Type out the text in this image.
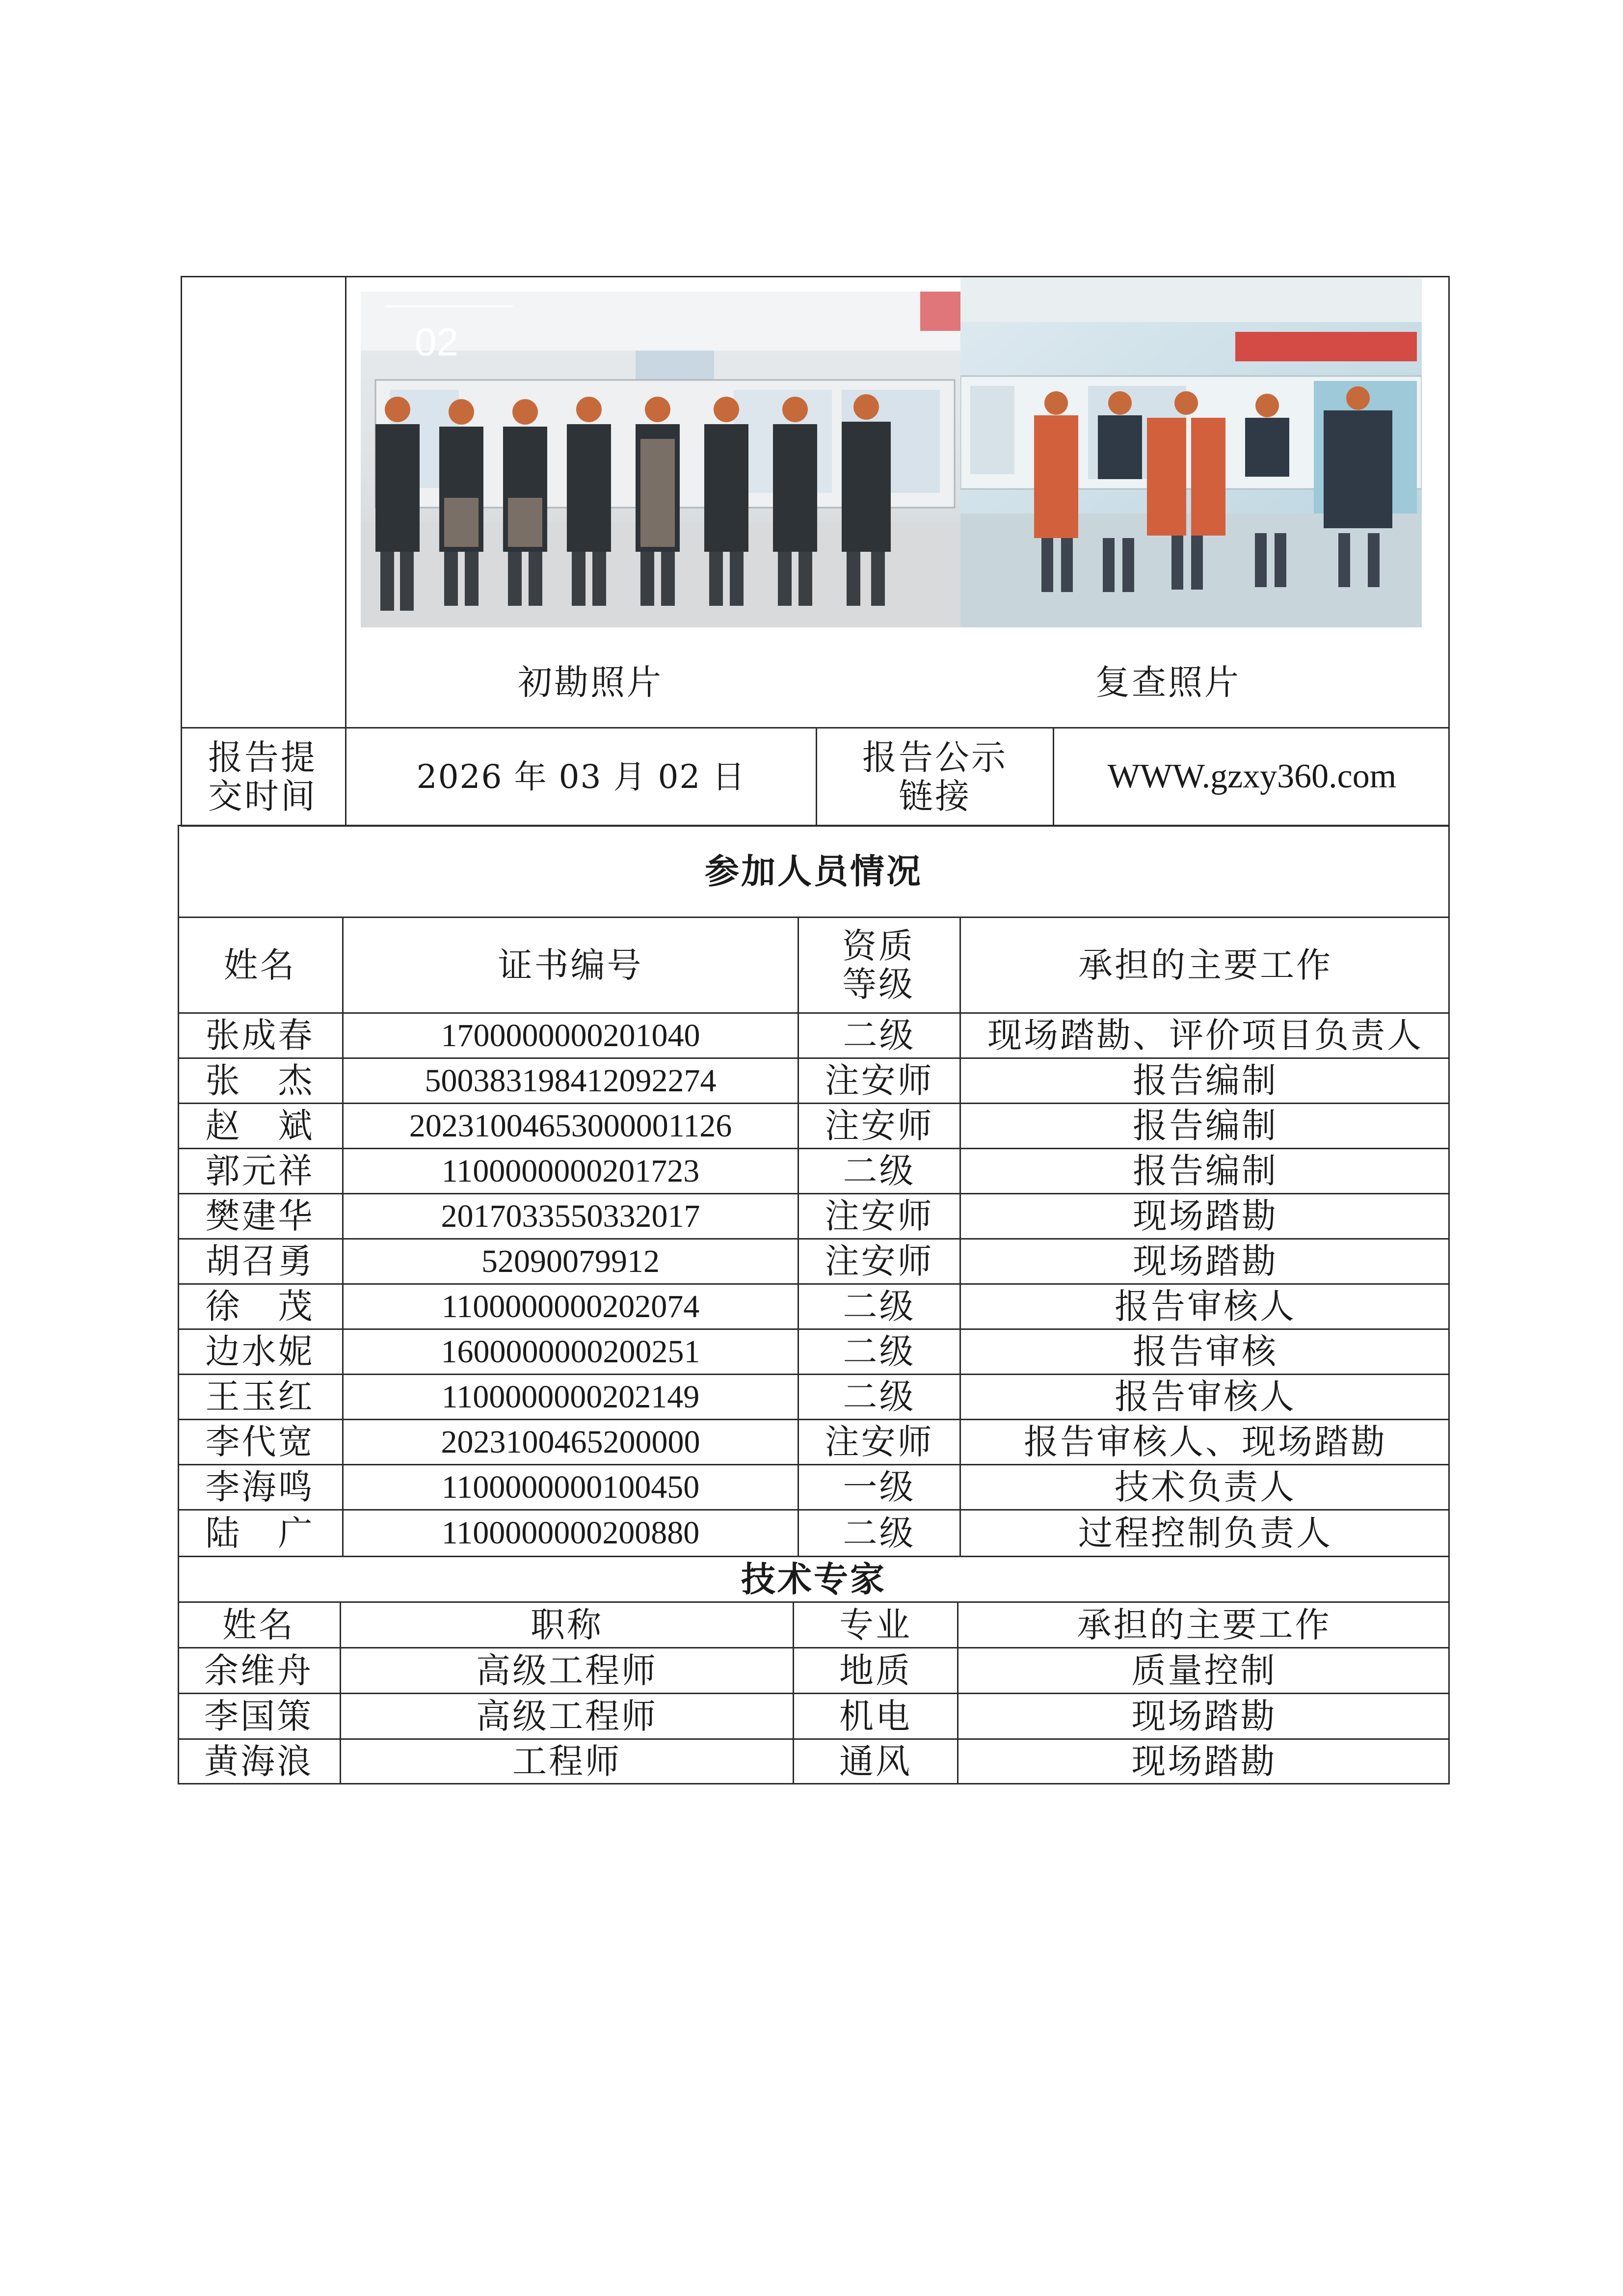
02
初勘照片	复查照片
报告提交时间	2026 年 03 月 02 日	报告公示链接	WWW.gzxy360.com
参加人员情况
姓名	证书编号	资质等级	承担的主要工作
张成春	1700000000201040	二级	现场踏勘、评价项目负责人
张　杰	500383198412092274	注安师	报告编制
赵　斌	20231004653000001126	注安师	报告编制
郭元祥	1100000000201723	二级	报告编制
樊建华	2017033550332017	注安师	现场踏勘
胡召勇	52090079912	注安师	现场踏勘
徐　茂	1100000000202074	二级	报告审核人
边水妮	1600000000200251	二级	报告审核
王玉红	1100000000202149	二级	报告审核人
李代宽	2023100465200000	注安师	报告审核人、现场踏勘
李海鸣	1100000000100450	一级	技术负责人
陆　广	1100000000200880	二级	过程控制负责人
技术专家
姓名	职称	专业	承担的主要工作
余维舟	高级工程师	地质	质量控制
李国策	高级工程师	机电	现场踏勘
黄海浪	工程师	通风	现场踏勘
